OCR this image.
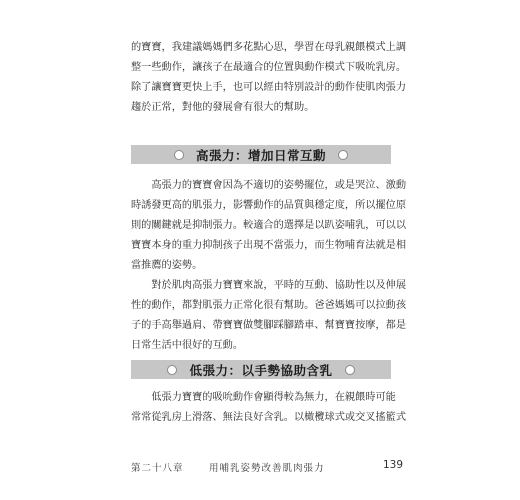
的寶寶，我建議媽媽們多花點心思，學習在母乳親餵模式上調
整一些動作，讓孩子在最適合的位置與動作模式下吸吮乳房。
除了讓寶寶更快上手，也可以經由特別設計的動作使肌肉張力
趨於正常，對他的發展會有很大的幫助。
高張力：增加日常互動
　　高張力的寶寶會因為不適切的姿勢擺位，或是哭泣、激動
時誘發更高的肌張力，影響動作的品質與穩定度，所以擺位原
則的關鍵就是抑制張力。較適合的選擇是以趴姿哺乳，可以以
寶寶本身的重力抑制孩子出現不當張力，而生物哺育法就是相
當推薦的姿勢。
　　對於肌肉高張力寶寶來說，平時的互動、協助性以及伸展
性的動作，都對肌張力正常化很有幫助。爸爸媽媽可以拉動孩
子的手高舉過肩、帶寶寶做雙腳踩腳踏車、幫寶寶按摩，都是
日常生活中很好的互動。
低張力：以手勢協助含乳
　　低張力寶寶的吸吮動作會顯得較為無力，在親餵時可能
常常從乳房上滑落、無法良好含乳。以橄欖球式或交叉搖籃式
第二十八章	用哺乳姿勢改善肌肉張力	139
